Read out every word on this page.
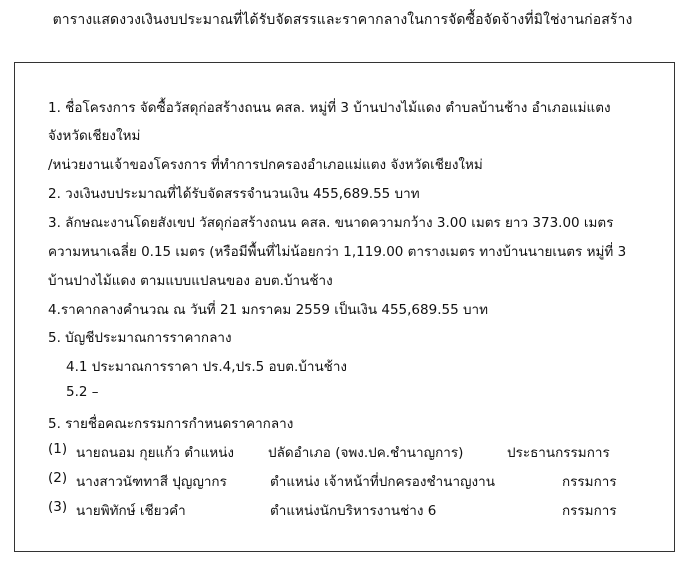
ตารางแสดงวงเงินงบประมาณที่ได้รับจัดสรรและราคากลางในการจัดซื้อจัดจ้างที่มิใช่งานก่อสร้าง
1. ชื่อโครงการ จัดซื้อวัสดุก่อสร้างถนน คสล. หมู่ที่ 3 บ้านปางไม้แดง ตำบลบ้านช้าง อำเภอแม่แตง
จังหวัดเชียงใหม่
/หน่วยงานเจ้าของโครงการ ที่ทำการปกครองอำเภอแม่แตง จังหวัดเชียงใหม่
2. วงเงินงบประมาณที่ได้รับจัดสรรจำนวนเงิน 455,689.55 บาท
3. ลักษณะงานโดยสังเขป วัสดุก่อสร้างถนน คสล. ขนาดความกว้าง 3.00 เมตร ยาว 373.00 เมตร
ความหนาเฉลี่ย 0.15 เมตร (หรือมีพื้นที่ไม่น้อยกว่า 1,119.00 ตารางเมตร ทางบ้านนายเนตร หมู่ที่ 3
บ้านปางไม้แดง ตามแบบแปลนของ อบต.บ้านช้าง
4.ราคากลางคำนวณ ณ วันที่ 21 มกราคม 2559 เป็นเงิน 455,689.55 บาท
5. บัญชีประมาณการราคากลาง
4.1 ประมาณการราคา ปร.4,ปร.5 อบต.บ้านช้าง
5.2 –
5. รายชื่อคณะกรรมการกำหนดราคากลาง
(1) นายถนอม กุยแก้ว ตำแหน่ง	ปลัดอำเภอ (จพง.ปค.ชำนาญการ)	ประธานกรรมการ
(2) นางสาวนัฑทาสี ปุญญากร	ตำแหน่ง เจ้าหน้าที่ปกครองชำนาญงาน	กรรมการ
(3) นายพิทักษ์ เชียวคำ	ตำแหน่งนักบริหารงานช่าง 6	กรรมการ
